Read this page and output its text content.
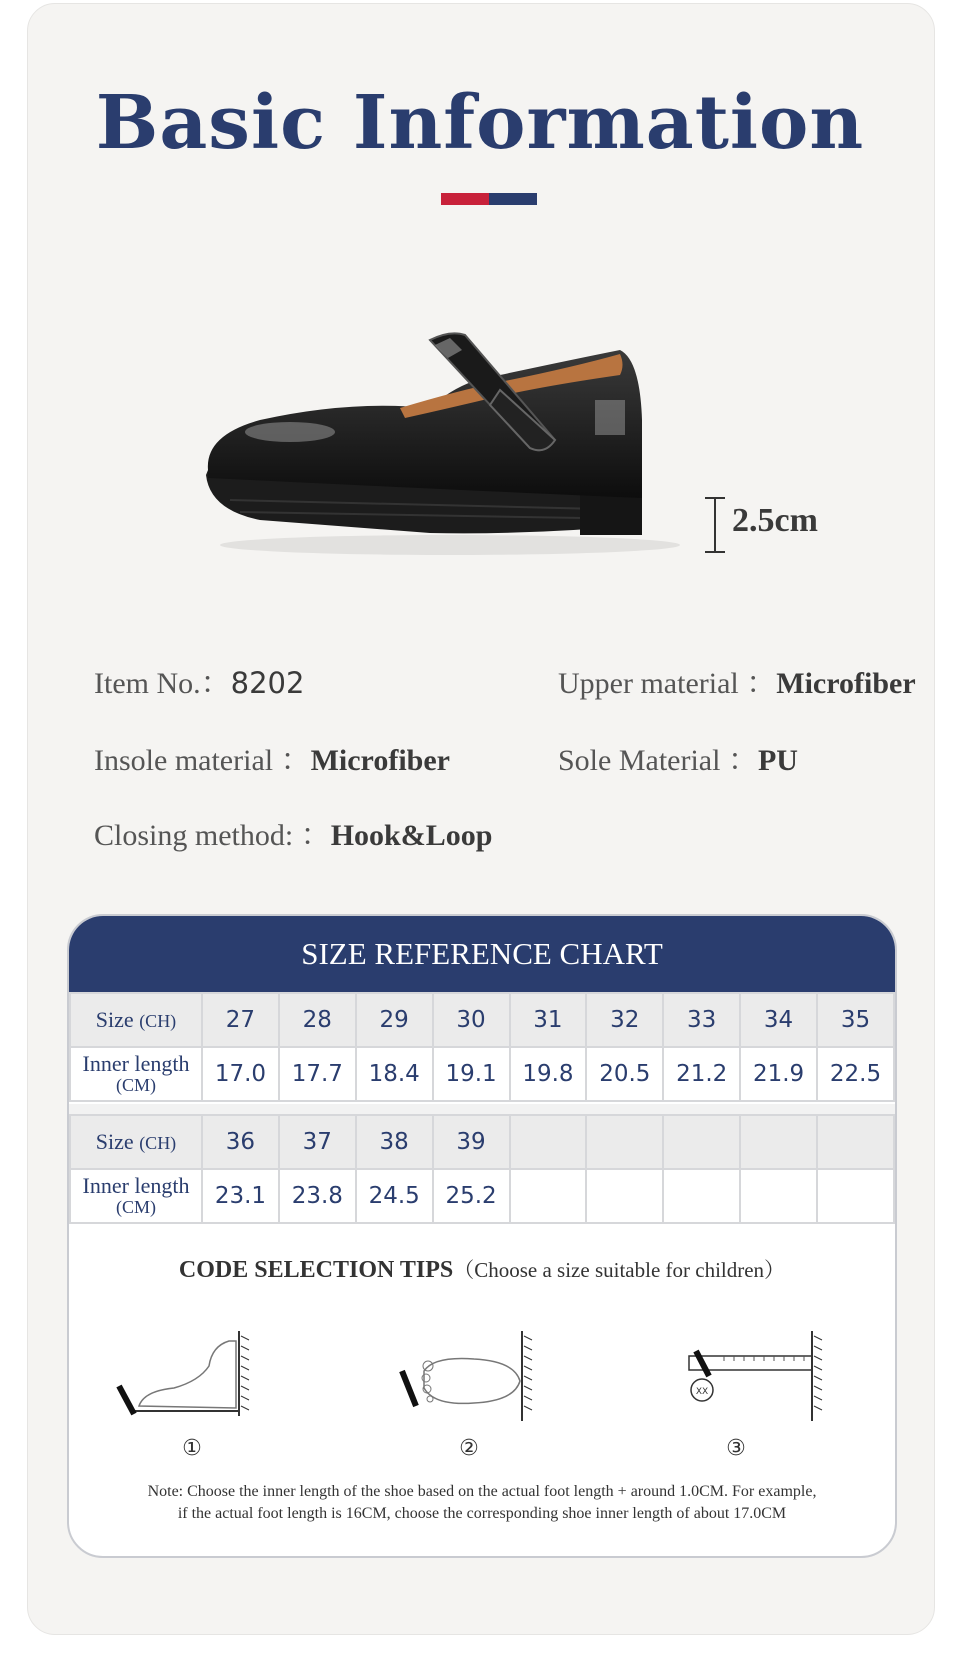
Basic Information
2.5cm
Item No.：8202	Upper material ：Microfiber
Insole material ：Microfiber	Sole Material ：PU
Closing method: ：Hook&Loop
SIZE REFERENCE CHART
Size (CH)	27	28	29	30	31	32	33	34	35
Inner length
(CM)	17.0	17.7	18.4	19.1	19.8	20.5	21.2	21.9	22.5
Size (CH)	36	37	38	39					
Inner length
(CM)	23.1	23.8	24.5	25.2					
CODE SELECTION TIPS（Choose a size suitable for children）
XX
①	②	③
Note: Choose the inner length of the shoe based on the actual foot length + around 1.0CM. For example,
if the actual foot length is 16CM, choose the corresponding shoe inner length of about 17.0CM
